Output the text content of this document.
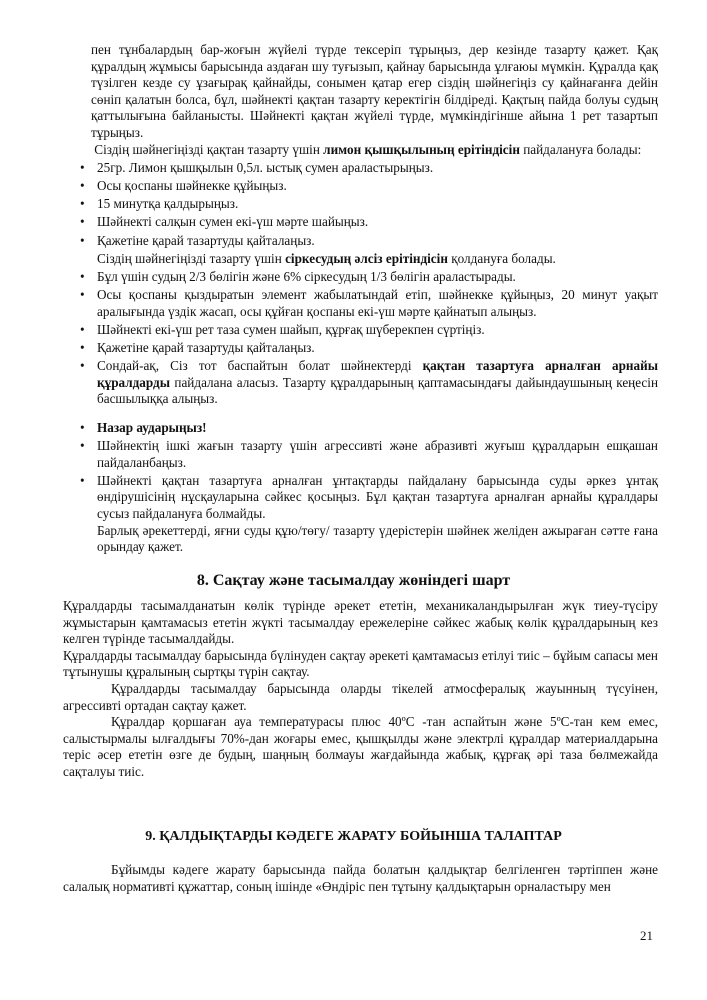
пен тұнбалардың бар-жоғын жүйелі түрде тексеріп тұрыңыз, дер кезінде тазарту қажет. Қақ құралдың жұмысы барысында аздаған шу туғызып, қайнау барысында ұлғаюы мүмкін. Құралда қақ түзілген кезде су ұзағырақ қайнайды, сонымен қатар егер сіздің шәйнегіңіз су қайнағанға дейін сөніп қалатын болса, бұл, шәйнекті қақтан тазарту керектігін білдіреді. Қақтың пайда болуы судың қаттылығына байланысты. Шәйнекті қақтан жүйелі түрде, мүмкіндігінше айына 1 рет тазартып тұрыңыз.

Сіздің шәйнегіңізді қақтан тазарту үшін лимон қышқылының ерітіндісін пайдалануға болады:

• 25гр. Лимон қышқылын 0,5л. ыстық сумен араластырыңыз.
• Осы қоспаны шәйнекке құйыңыз.
• 15 минутқа қалдырыңыз.
• Шәйнекті салқын сумен екі-үш мәрте шайыңыз.
• Қажетіне қарай тазартуды қайталаңыз.

Сіздің шәйнегіңізді тазарту үшін сіркесудың әлсіз ерітіндісін қолдануға болады.

• Бұл үшін судың 2/3 бөлігін және 6% сіркесудың 1/3 бөлігін араластырады.
• Осы қоспаны қыздыратын элемент жабылатындай етіп, шәйнекке құйыңыз, 20 минут уақыт аралығында үздік жасап, осы құйған қоспаны екі-үш мәрте қайнатып алыңыз.
• Шәйнекті екі-үш рет таза сумен шайып, құрғақ шүберекпен сүртіңіз.
• Қажетіне қарай тазартуды қайталаңыз.
• Сондай-ақ, Сіз тот баспайтын болат шәйнектерді қақтан тазартуға арналған арнайы құралдарды пайдалана аласыз. Тазарту құралдарының қаптамасындағы дайындаушының кеңесін басшылыққа алыңыз.
• Назар аударыңыз!
• Шәйнектің ішкі жағын тазарту үшін агрессивті және абразивті жуғыш құралдарын ешқашан пайдаланбаңыз.
• Шәйнекті қақтан тазартуға арналған ұнтақтарды пайдалану барысында суды әркез ұнтақ өндірушісінің нұсқауларына сәйкес қосыңыз. Бұл қақтан тазартуға арналған арнайы құралдары сусыз пайдалануға болмайды.
Барлық әрекеттерді, яғни суды құю/төгу/ тазарту үдерістерін шәйнек желіден ажыраған сәтте ғана орындау қажет.
8. Сақтау және тасымалдау жөніндегі шарт

Құралдарды тасымалданатын көлік түрінде әрекет ететін, механикаландырылған жүк тиеу-түсіру жұмыстарын қамтамасыз ететін жүкті тасымалдау ережелеріне сәйкес жабық көлік құралдарының кез келген түрінде тасымалдайды.

Құралдарды тасымалдау барысында бүлінуден сақтау әрекеті қамтамасыз етілуі тиіс – бұйым сапасы мен тұтынушы құралының сыртқы түрін сақтау.

Құралдарды тасымалдау барысында оларды тікелей атмосфералық жауынның түсуінен, агрессивті ортадан сақтау қажет.

Құралдар қоршаған ауа температурасы плюс 40ºС -тан аспайтын және 5ºС-тан кем емес, салыстырмалы ылғалдығы 70%-дан жоғары емес, қышқылды және электрлі құралдар материалдарына теріс әсер ететін өзге де будың, шаңның болмауы жағдайында жабық, құрғақ әрі таза бөлмежайда сақталуы тиіс.

9. ҚАЛДЫҚТАРДЫ КӘДЕГЕ ЖАРАТУ БОЙЫНША ТАЛАПТАР

Бұйымды кәдеге жарату барысында пайда болатын қалдықтар белгіленген тәртіппен және салалық нормативті құжаттар, соның ішінде «Өндіріс пен тұтыну қалдықтарын орналастыру мен

21
